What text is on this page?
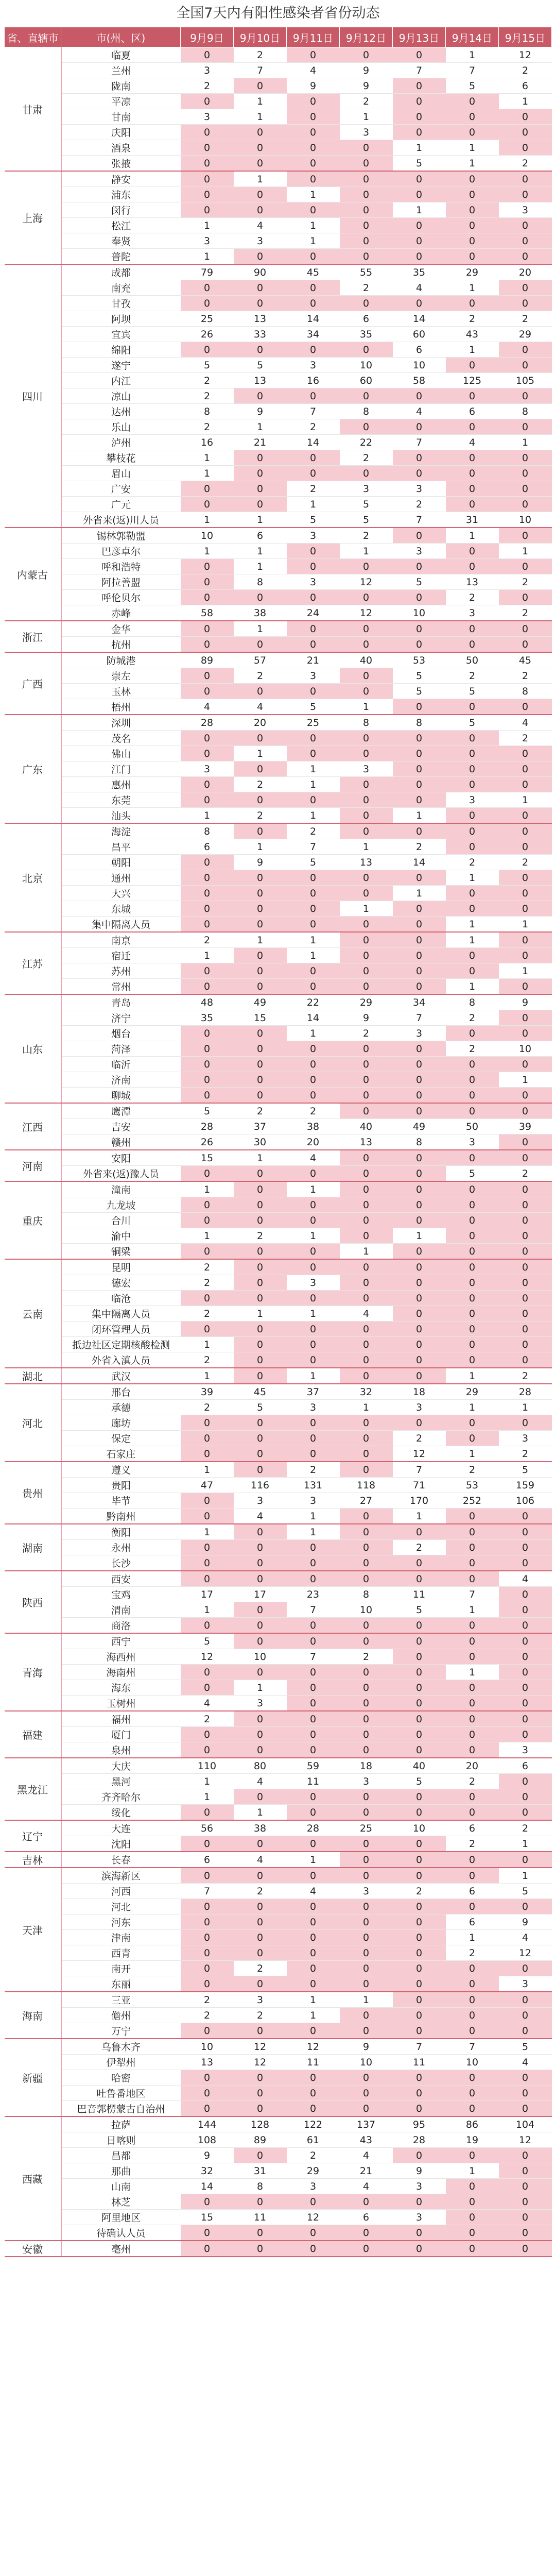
全国7天内有阳性感染者省份动态
省、直辖市	市(州、区)	9月9日	9月10日	9月11日	9月12日	9月13日	9月14日	9月15日
甘肃	临夏	0	2	0	0	0	1	12
	兰州	3	7	4	9	7	7	2
	陇南	2	0	9	9	0	5	6
	平凉	0	1	0	2	0	0	1
	甘南	3	1	0	1	0	0	0
	庆阳	0	0	0	3	0	0	0
	酒泉	0	0	0	0	1	1	0
	张掖	0	0	0	0	5	1	2
上海	静安	0	1	0	0	0	0	0
	浦东	0	0	1	0	0	0	0
	闵行	0	0	0	0	1	0	3
	松江	1	4	1	0	0	0	0
	奉贤	3	3	1	0	0	0	0
	普陀	1	0	0	0	0	0	0
四川	成都	79	90	45	55	35	29	20
	南充	0	0	0	2	4	1	0
	甘孜	0	0	0	0	0	0	0
	阿坝	25	13	14	6	14	2	2
	宜宾	26	33	34	35	60	43	29
	绵阳	0	0	0	0	6	1	0
	遂宁	5	5	3	10	10	0	0
	内江	2	13	16	60	58	125	105
	凉山	2	0	0	0	0	0	0
	达州	8	9	7	8	4	6	8
	乐山	2	1	2	0	0	0	0
	泸州	16	21	14	22	7	4	1
	攀枝花	1	0	0	2	0	0	0
	眉山	1	0	0	0	0	0	0
	广安	0	0	2	3	3	0	0
	广元	0	0	1	5	2	0	0
	外省来(返)川人员	1	1	5	5	7	31	10
内蒙古	锡林郭勒盟	10	6	3	2	0	1	0
	巴彦卓尔	1	1	0	1	3	0	1
	呼和浩特	0	1	0	0	0	0	0
	阿拉善盟	0	8	3	12	5	13	2
	呼伦贝尔	0	0	0	0	0	2	0
	赤峰	58	38	24	12	10	3	2
浙江	金华	0	1	0	0	0	0	0
	杭州	0	0	0	0	0	0	0
广西	防城港	89	57	21	40	53	50	45
	崇左	0	2	3	0	5	2	2
	玉林	0	0	0	0	5	5	8
	梧州	4	4	5	1	0	0	0
广东	深圳	28	20	25	8	8	5	4
	茂名	0	0	0	0	0	0	2
	佛山	0	1	0	0	0	0	0
	江门	3	0	1	3	0	0	0
	惠州	0	2	1	0	0	0	0
	东莞	0	0	0	0	0	3	1
	汕头	1	2	1	0	1	0	0
北京	海淀	8	0	2	0	0	0	0
	昌平	6	1	7	1	2	0	0
	朝阳	0	9	5	13	14	2	2
	通州	0	0	0	0	0	1	0
	大兴	0	0	0	0	1	0	0
	东城	0	0	0	1	0	0	0
	集中隔离人员	0	0	0	0	0	1	1
江苏	南京	2	1	1	0	0	1	0
	宿迁	1	0	1	0	0	0	0
	苏州	0	0	0	0	0	0	1
	常州	0	0	0	0	0	1	0
山东	青岛	48	49	22	29	34	8	9
	济宁	35	15	14	9	7	2	0
	烟台	0	0	1	2	3	0	0
	菏泽	0	0	0	0	0	2	10
	临沂	0	0	0	0	0	0	0
	济南	0	0	0	0	0	0	1
	聊城	0	0	0	0	0	0	0
江西	鹰潭	5	2	2	0	0	0	0
	吉安	28	37	38	40	49	50	39
	赣州	26	30	20	13	8	3	0
河南	安阳	15	1	4	0	0	0	0
	外省来(返)豫人员	0	0	0	0	0	5	2
重庆	潼南	1	0	1	0	0	0	0
	九龙坡	0	0	0	0	0	0	0
	合川	0	0	0	0	0	0	0
	渝中	1	2	1	0	1	0	0
	铜梁	0	0	0	1	0	0	0
云南	昆明	2	0	0	0	0	0	0
	德宏	2	0	3	0	0	0	0
	临沧	0	0	0	0	0	0	0
	集中隔离人员	2	1	1	4	0	0	0
	闭环管理人员	0	0	0	0	0	0	0
	抵边社区定期核酸检测	1	0	0	0	0	0	0
	外省入滇人员	2	0	0	0	0	0	0
湖北	武汉	1	0	1	0	0	1	2
河北	邢台	39	45	37	32	18	29	28
	承德	2	5	3	1	3	1	1
	廊坊	0	0	0	0	0	0	0
	保定	0	0	0	0	2	0	3
	石家庄	0	0	0	0	12	1	2
贵州	遵义	1	0	2	0	7	2	5
	贵阳	47	116	131	118	71	53	159
	毕节	0	3	3	27	170	252	106
	黔南州	0	4	1	0	1	0	0
湖南	衡阳	1	0	1	0	0	0	0
	永州	0	0	0	0	2	0	0
	长沙	0	0	0	0	0	0	0
陕西	西安	0	0	0	0	0	0	4
	宝鸡	17	17	23	8	11	7	0
	渭南	1	0	7	10	5	1	0
	商洛	0	0	0	0	0	0	0
青海	西宁	5	0	0	0	0	0	0
	海西州	12	10	7	2	0	0	0
	海南州	0	0	0	0	0	1	0
	海东	0	1	0	0	0	0	0
	玉树州	4	3	0	0	0	0	0
福建	福州	2	0	0	0	0	0	0
	厦门	0	0	0	0	0	0	0
	泉州	0	0	0	0	0	0	3
黑龙江	大庆	110	80	59	18	40	20	6
	黑河	1	4	11	3	5	2	0
	齐齐哈尔	1	0	0	0	0	0	0
	绥化	0	1	0	0	0	0	0
辽宁	大连	56	38	28	25	10	6	2
	沈阳	0	0	0	0	0	2	1
吉林	长春	6	4	1	0	0	0	0
天津	滨海新区	0	0	0	0	0	0	1
	河西	7	2	4	3	2	6	5
	河北	0	0	0	0	0	0	0
	河东	0	0	0	0	0	6	9
	津南	0	0	0	0	0	1	4
	西青	0	0	0	0	0	2	12
	南开	0	2	0	0	0	0	0
	东丽	0	0	0	0	0	0	3
海南	三亚	2	3	1	1	0	0	0
	儋州	2	2	1	0	0	0	0
	万宁	0	0	0	0	0	0	0
新疆	乌鲁木齐	10	12	12	9	7	7	5
	伊犁州	13	12	11	10	11	10	4
	哈密	0	0	0	0	0	0	0
	吐鲁番地区	0	0	0	0	0	0	0
	巴音郭楞蒙古自治州	0	0	0	0	0	0	0
西藏	拉萨	144	128	122	137	95	86	104
	日喀则	108	89	61	43	28	19	12
	昌都	9	0	2	4	0	0	0
	那曲	32	31	29	21	9	1	0
	山南	14	8	3	4	3	0	0
	林芝	0	0	0	0	0	0	0
	阿里地区	15	11	12	6	3	0	0
	待确认人员	0	0	0	0	0	0	0
安徽	亳州	0	0	0	0	0	0	0
